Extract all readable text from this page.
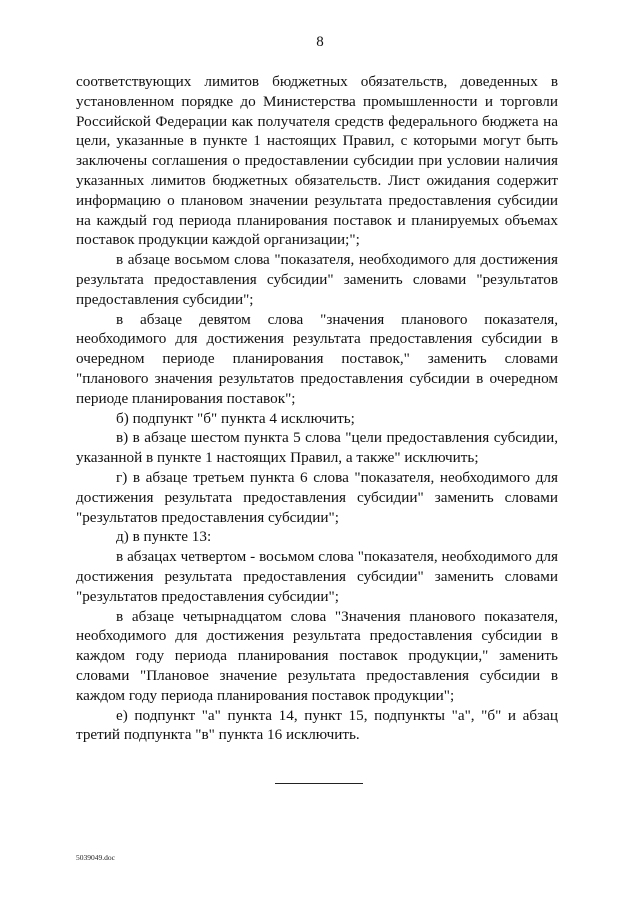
8

соответствующих лимитов бюджетных обязательств, доведенных в установленном порядке до Министерства промышленности и торговли Российской Федерации как получателя средств федерального бюджета на цели, указанные в пункте 1 настоящих Правил, с которыми могут быть заключены соглашения о предоставлении субсидии при условии наличия указанных лимитов бюджетных обязательств. Лист ожидания содержит информацию о плановом значении результата предоставления субсидии на каждый год периода планирования поставок и планируемых объемах поставок продукции каждой организации;";

в абзаце восьмом слова "показателя, необходимого для достижения результата предоставления субсидии" заменить словами "результатов предоставления субсидии";

в абзаце девятом слова "значения планового показателя, необходимого для достижения результата предоставления субсидии в очередном периоде планирования поставок," заменить словами "планового значения результатов предоставления субсидии в очередном периоде планирования поставок";

б) подпункт "б" пункта 4 исключить;

в) в абзаце шестом пункта 5 слова "цели предоставления субсидии, указанной в пункте 1 настоящих Правил, а также" исключить;

г) в абзаце третьем пункта 6 слова "показателя, необходимого для достижения результата предоставления субсидии" заменить словами "результатов предоставления субсидии";

д) в пункте 13:

в абзацах четвертом - восьмом слова "показателя, необходимого для достижения результата предоставления субсидии" заменить словами "результатов предоставления субсидии";

в абзаце четырнадцатом слова "Значения планового показателя, необходимого для достижения результата предоставления субсидии в каждом году периода планирования поставок продукции," заменить словами "Плановое значение результата предоставления субсидии в каждом году периода планирования поставок продукции";

е) подпункт "а" пункта 14, пункт 15, подпункты "а", "б" и абзац третий подпункта "в" пункта 16 исключить.

5039049.doc
